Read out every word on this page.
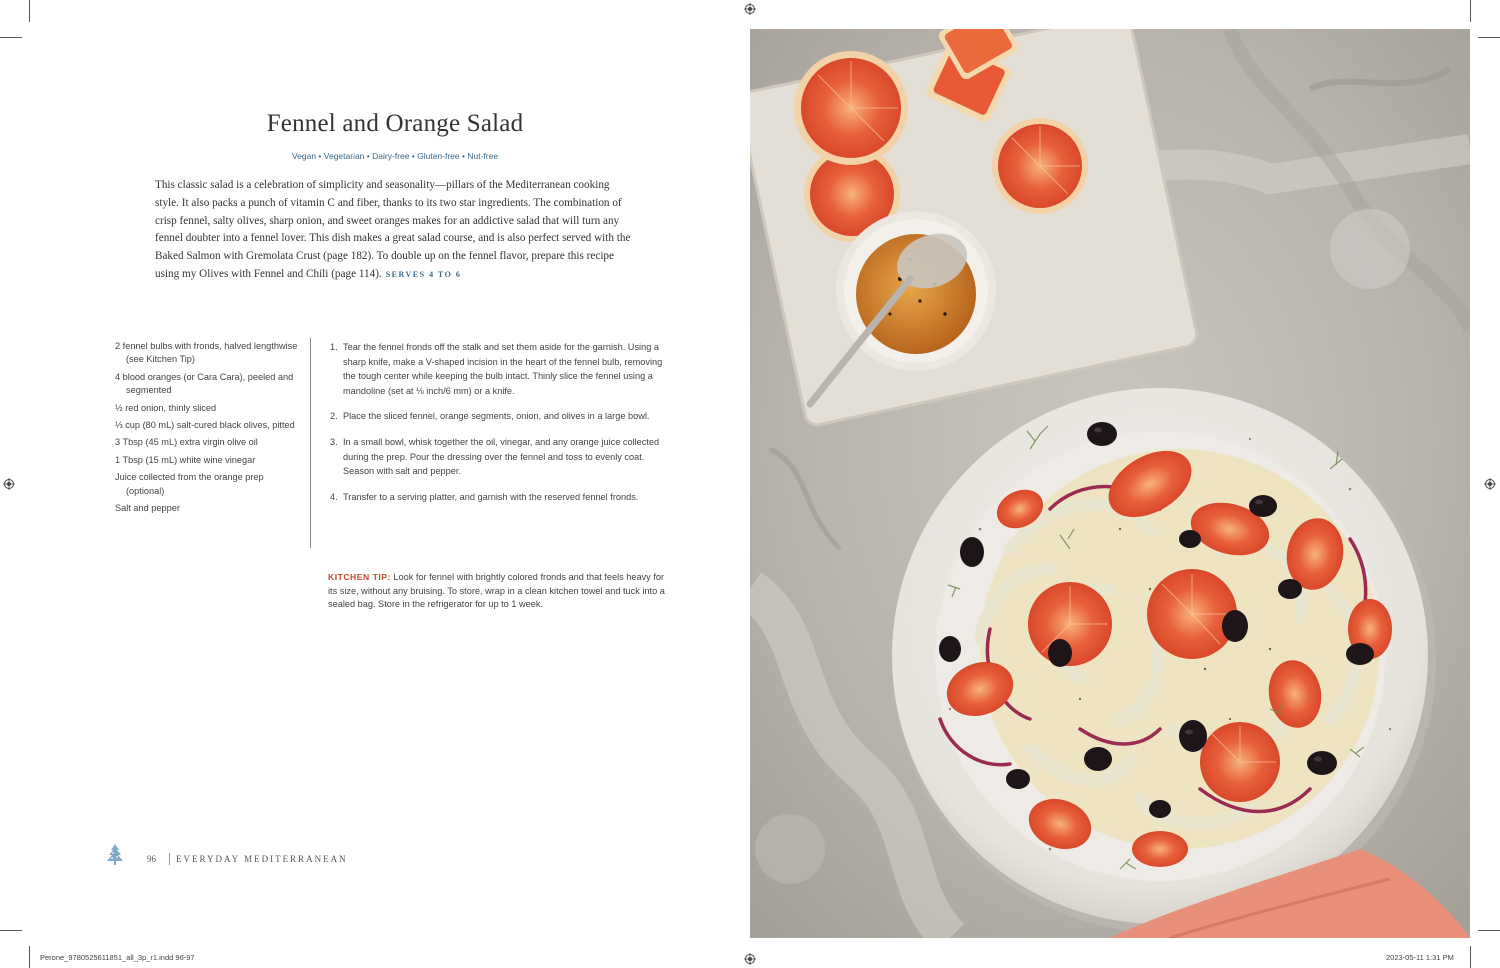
Fennel and Orange Salad
Vegan • Vegetarian • Dairy-free • Gluten-free • Nut-free
This classic salad is a celebration of simplicity and seasonality—pillars of the Mediterranean cooking style. It also packs a punch of vitamin C and fiber, thanks to its two star ingredients. The combination of crisp fennel, salty olives, sharp onion, and sweet oranges makes for an addictive salad that will turn any fennel doubter into a fennel lover. This dish makes a great salad course, and is also perfect served with the Baked Salmon with Gremolata Crust (page 182). To double up on the fennel flavor, prepare this recipe using my Olives with Fennel and Chili (page 114). SERVES 4 TO 6
2 fennel bulbs with fronds, halved lengthwise (see Kitchen Tip)
4 blood oranges (or Cara Cara), peeled and segmented
½ red onion, thinly sliced
⅓ cup (80 mL) salt-cured black olives, pitted
3 Tbsp (45 mL) extra virgin olive oil
1 Tbsp (15 mL) white wine vinegar
Juice collected from the orange prep (optional)
Salt and pepper
1. Tear the fennel fronds off the stalk and set them aside for the garnish. Using a sharp knife, make a V-shaped incision in the heart of the fennel bulb, removing the tough center while keeping the bulb intact. Thinly slice the fennel using a mandoline (set at ⅛ inch/6 mm) or a knife.
2. Place the sliced fennel, orange segments, onion, and olives in a large bowl.
3. In a small bowl, whisk together the oil, vinegar, and any orange juice collected during the prep. Pour the dressing over the fennel and toss to evenly coat. Season with salt and pepper.
4. Transfer to a serving platter, and garnish with the reserved fennel fronds.
KITCHEN TIP: Look for fennel with brightly colored fronds and that feels heavy for its size, without any bruising. To store, wrap in a clean kitchen towel and tuck into a sealed bag. Store in the refrigerator for up to 1 week.
96 EVERYDAY MEDITERRANEAN
Perone_9780525611851_all_3p_r1.indd 96-97	2023-05-11 1:31 PM
